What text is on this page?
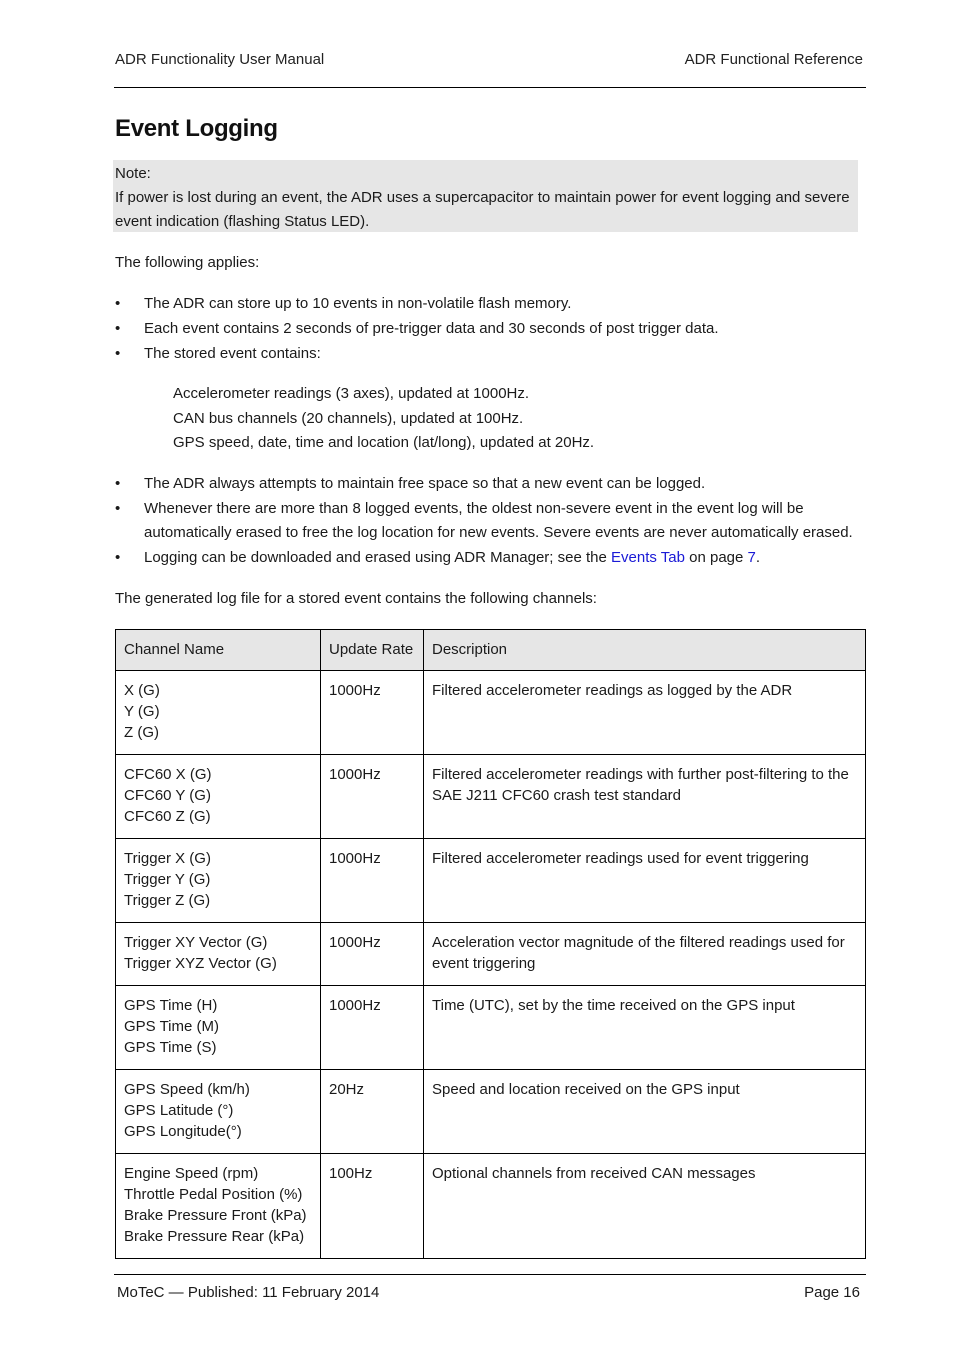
ADR Functionality User Manual	ADR Functional Reference
Event Logging
Note:
If power is lost during an event, the ADR uses a supercapacitor to maintain power for event logging and severe event indication (flashing Status LED).

The following applies:

• The ADR can store up to 10 events in non-volatile flash memory.
• Each event contains 2 seconds of pre-trigger data and 30 seconds of post trigger data.
• The stored event contains:
Accelerometer readings (3 axes), updated at 1000Hz.
CAN bus channels (20 channels), updated at 100Hz.
GPS speed, date, time and location (lat/long), updated at 20Hz.
• The ADR always attempts to maintain free space so that a new event can be logged.
• Whenever there are more than 8 logged events, the oldest non-severe event in the event log will be automatically erased to free the log location for new events. Severe events are never automatically erased.
• Logging can be downloaded and erased using ADR Manager; see the Events Tab on page 7.

The generated log file for a stored event contains the following channels:

Channel Name	Update Rate	Description

X (G)
Y (G)
Z (G)	1000Hz	Filtered accelerometer readings as logged by the ADR

CFC60 X (G)
CFC60 Y (G)
CFC60 Z (G)	1000Hz	Filtered accelerometer readings with further post-filtering to the SAE J211 CFC60 crash test standard

Trigger X (G)
Trigger Y (G)
Trigger Z (G)	1000Hz	Filtered accelerometer readings used for event triggering

Trigger XY Vector (G)
Trigger XYZ Vector (G)	1000Hz	Acceleration vector magnitude of the filtered readings used for event triggering

GPS Time (H)
GPS Time (M)
GPS Time (S)	1000Hz	Time (UTC), set by the time received on the GPS input

GPS Speed (km/h)
GPS Latitude (°)
GPS Longitude(°)	20Hz	Speed and location received on the GPS input

Engine Speed (rpm)
Throttle Pedal Position (%)
Brake Pressure Front (kPa)
Brake Pressure Rear (kPa)	100Hz	Optional channels from received CAN messages
MoTeC — Published: 11 February 2014	Page 16
